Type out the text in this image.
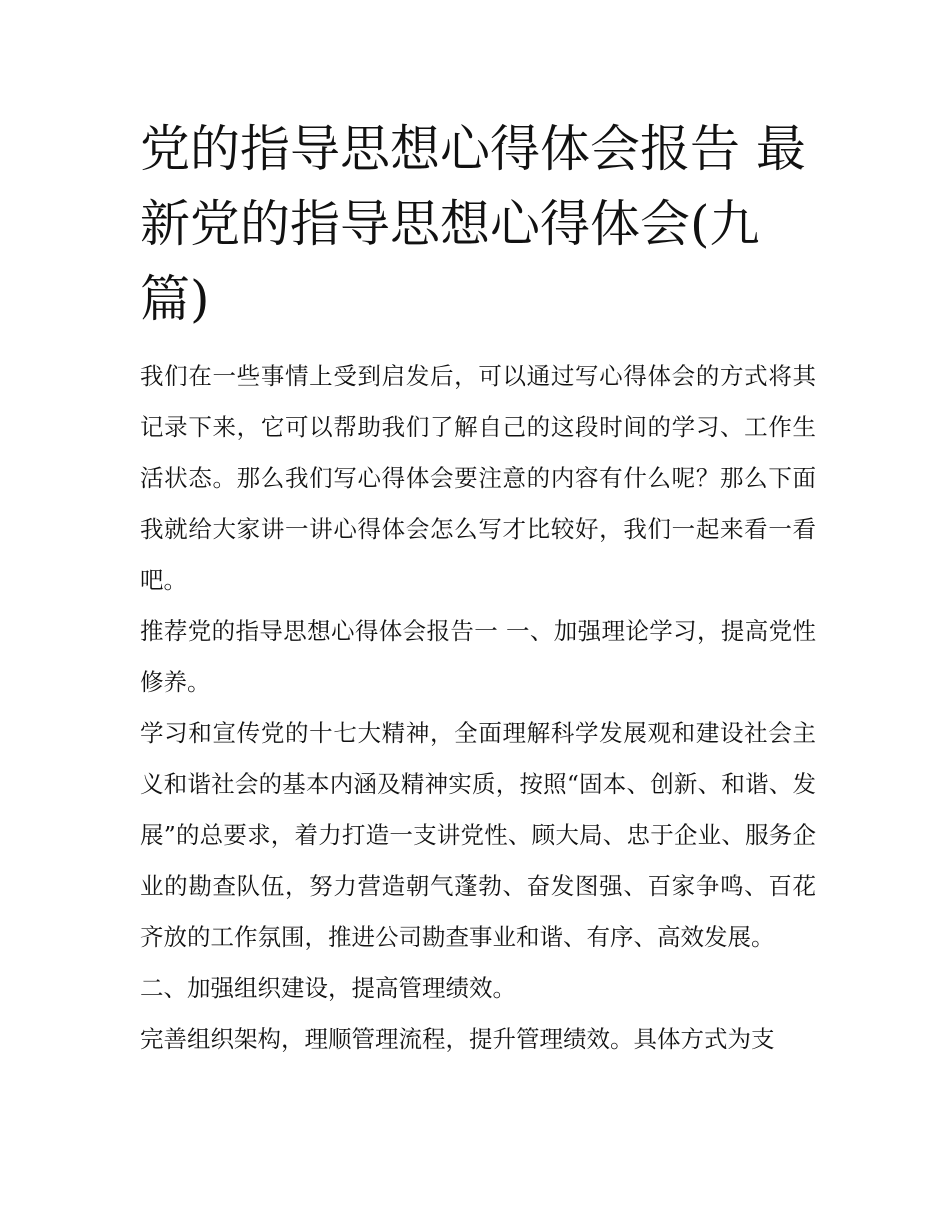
党的指导思想心得体会报告 最新党的指导思想心得体会(九篇)

我们在一些事情上受到启发后，可以通过写心得体会的方式将其记录下来，它可以帮助我们了解自己的这段时间的学习、工作生活状态。那么我们写心得体会要注意的内容有什么呢？那么下面我就给大家讲一讲心得体会怎么写才比较好，我们一起来看一看吧。

推荐党的指导思想心得体会报告一 一、加强理论学习，提高党性修养。

学习和宣传党的十七大精神，全面理解科学发展观和建设社会主义和谐社会的基本内涵及精神实质，按照“固本、创新、和谐、发展”的总要求，着力打造一支讲党性、顾大局、忠于企业、服务企业的勘查队伍，努力营造朝气蓬勃、奋发图强、百家争鸣、百花齐放的工作氛围，推进公司勘查事业和谐、有序、高效发展。

二、加强组织建设，提高管理绩效。

完善组织架构，理顺管理流程，提升管理绩效。具体方式为支
